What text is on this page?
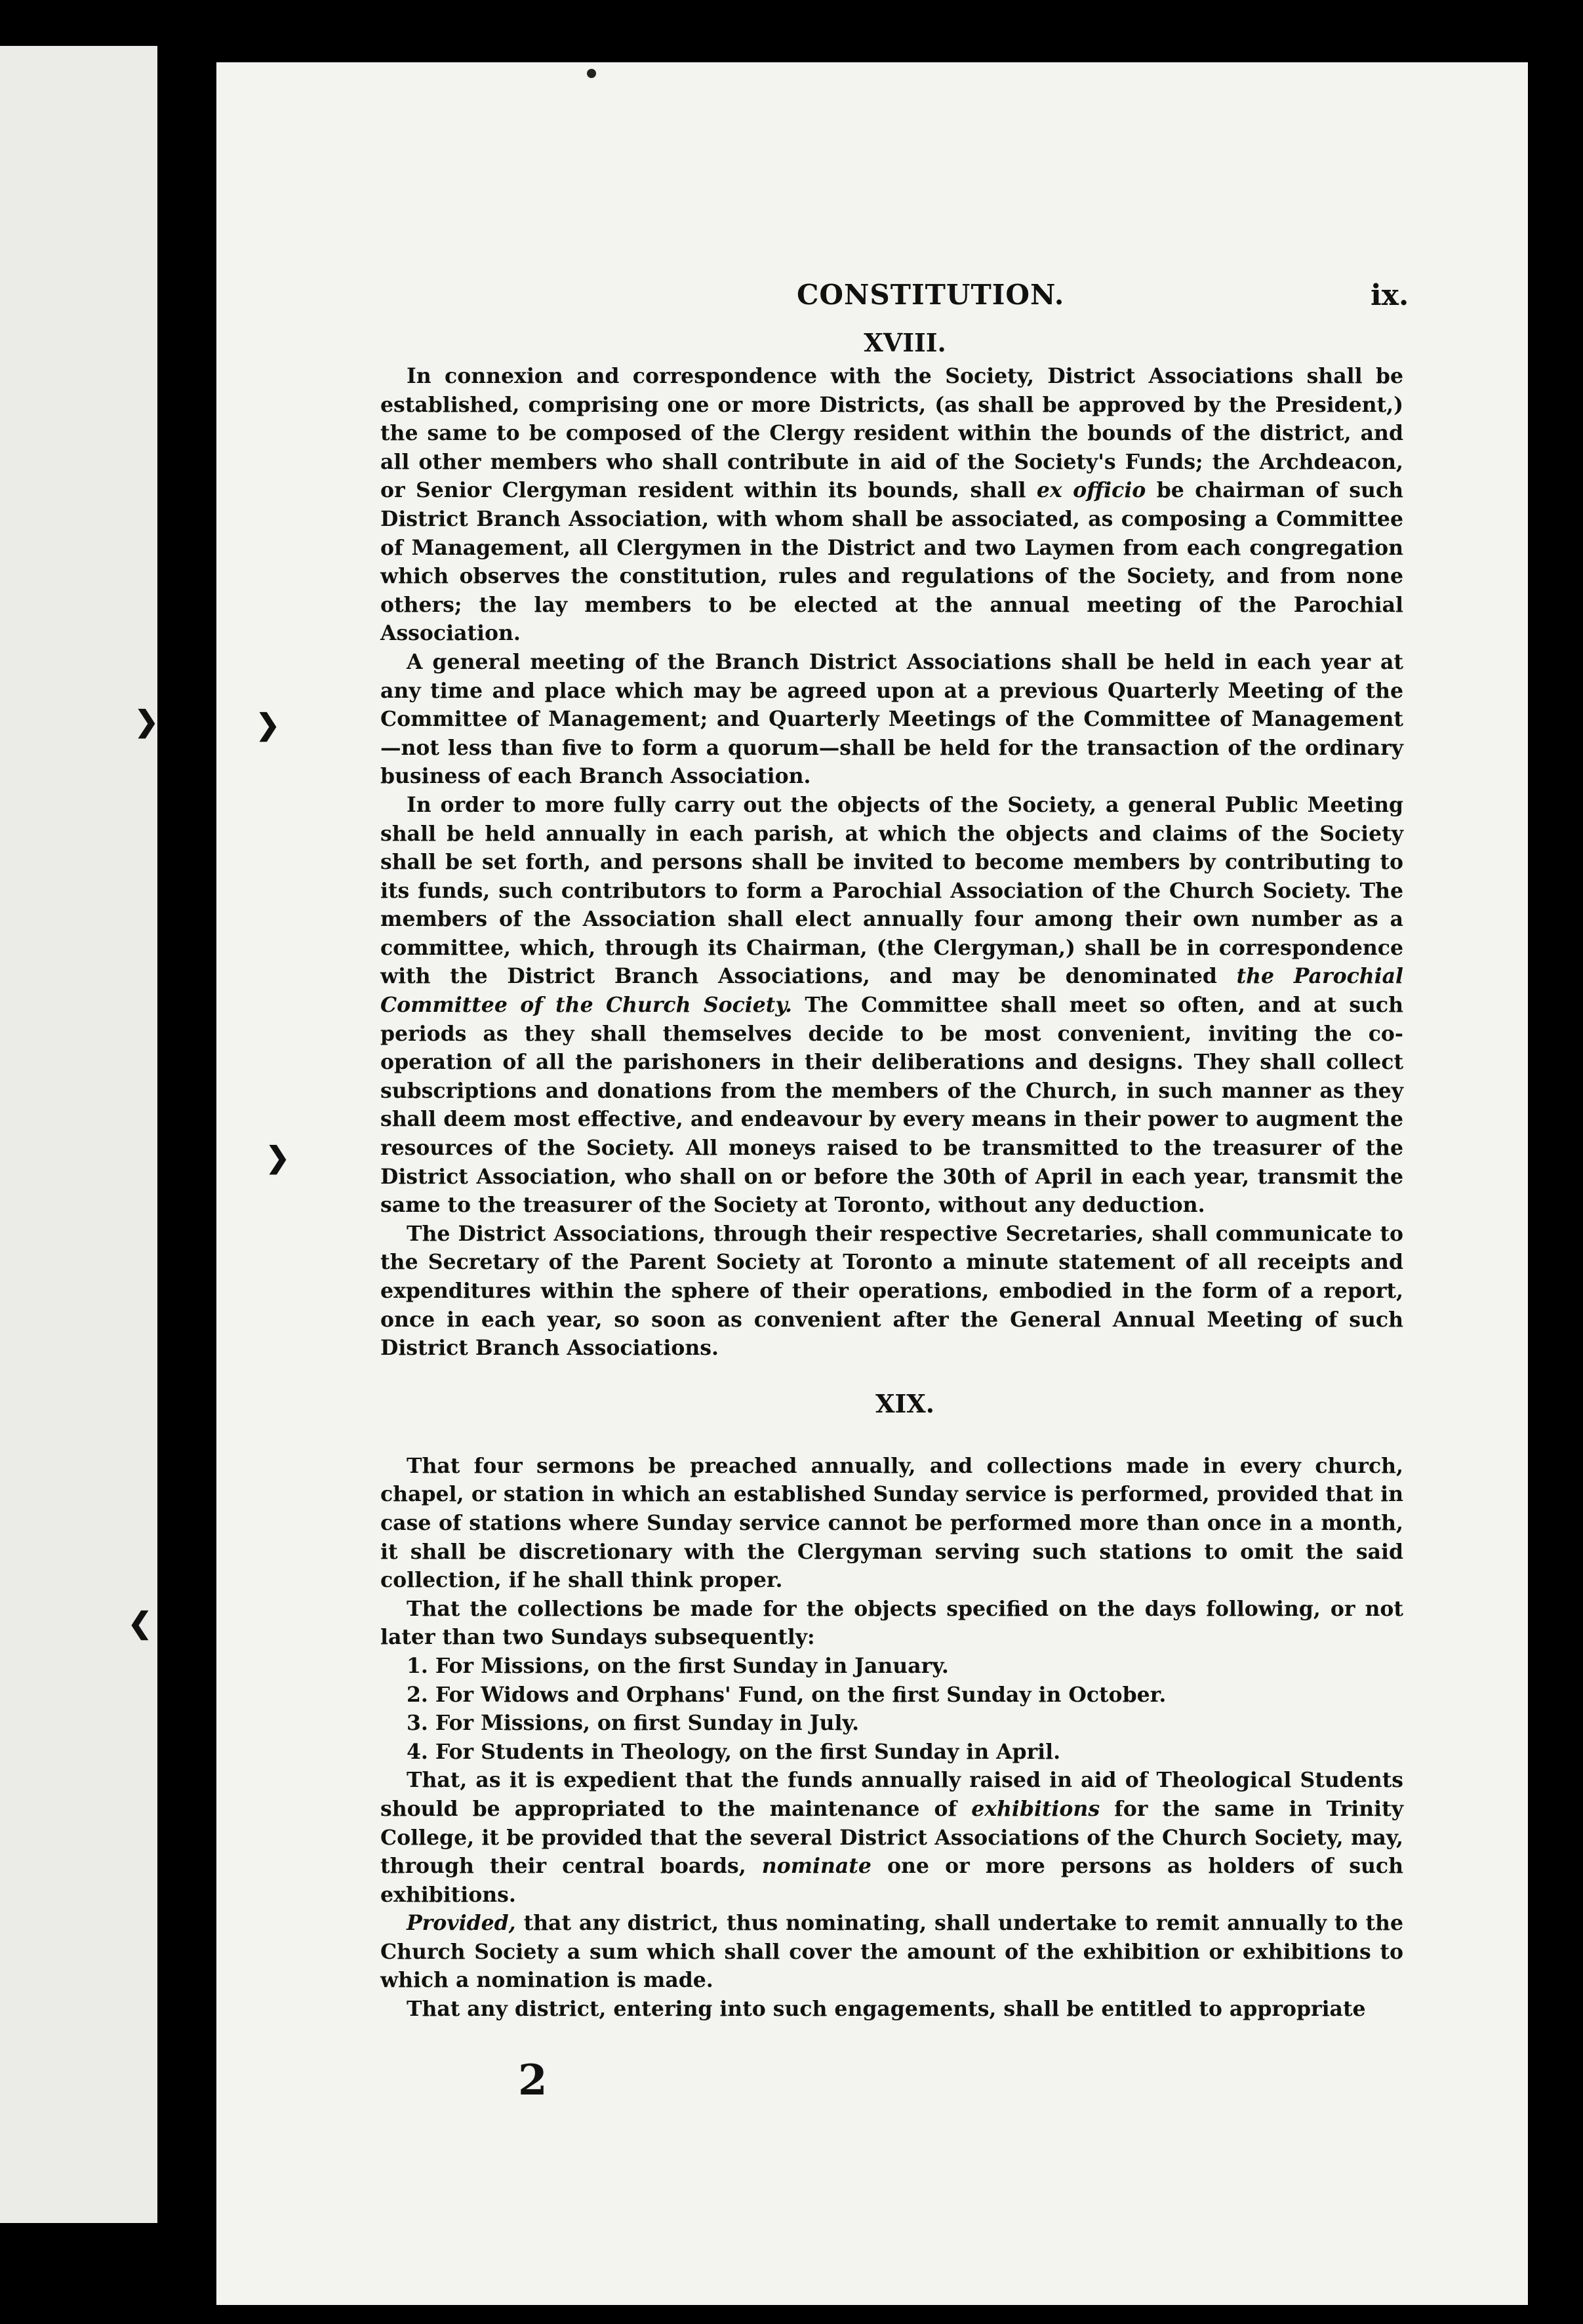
❯
❮
❯
❯
CONSTITUTION.	ix.

XVIII.

In connexion and correspondence with the Society, District Associations shall be established, comprising one or more Districts, (as shall be approved by the President,) the same to be composed of the Clergy resident within the bounds of the district, and all other members who shall contribute in aid of the Society's Funds; the Archdeacon, or Senior Clergyman resident within its bounds, shall ex officio be chairman of such District Branch Association, with whom shall be associated, as composing a Committee of Management, all Clergymen in the District and two Laymen from each congregation which observes the constitution, rules and regulations of the Society, and from none others; the lay members to be elected at the annual meeting of the Parochial Association.

A general meeting of the Branch District Associations shall be held in each year at any time and place which may be agreed upon at a previous Quarterly Meeting of the Committee of Management; and Quarterly Meetings of the Committee of Management—not less than five to form a quorum—shall be held for the transaction of the ordinary business of each Branch Association.

In order to more fully carry out the objects of the Society, a general Public Meeting shall be held annually in each parish, at which the objects and claims of the Society shall be set forth, and persons shall be invited to become members by contributing to its funds, such contributors to form a Parochial Association of the Church Society. The members of the Association shall elect annually four among their own number as a committee, which, through its Chairman, (the Clergyman,) shall be in correspondence with the District Branch Associations, and may be denominated the Parochial Committee of the Church Society. The Committee shall meet so often, and at such periods as they shall themselves decide to be most convenient, inviting the co-operation of all the parishoners in their deliberations and designs. They shall collect subscriptions and donations from the members of the Church, in such manner as they shall deem most effective, and endeavour by every means in their power to augment the resources of the Society. All moneys raised to be transmitted to the treasurer of the District Association, who shall on or before the 30th of April in each year, transmit the same to the treasurer of the Society at Toronto, without any deduction.

The District Associations, through their respective Secretaries, shall communicate to the Secretary of the Parent Society at Toronto a minute statement of all receipts and expenditures within the sphere of their operations, embodied in the form of a report, once in each year, so soon as convenient after the General Annual Meeting of such District Branch Associations.

XIX.

That four sermons be preached annually, and collections made in every church, chapel, or station in which an established Sunday service is performed, provided that in case of stations where Sunday service cannot be performed more than once in a month, it shall be discretionary with the Clergyman serving such stations to omit the said collection, if he shall think proper.

That the collections be made for the objects specified on the days following, or not later than two Sundays subsequently:

1. For Missions, on the first Sunday in January.

2. For Widows and Orphans' Fund, on the first Sunday in October.

3. For Missions, on first Sunday in July.

4. For Students in Theology, on the first Sunday in April.

That, as it is expedient that the funds annually raised in aid of Theological Students should be appropriated to the maintenance of exhibitions for the same in Trinity College, it be provided that the several District Associations of the Church Society, may, through their central boards, nominate one or more persons as holders of such exhibitions.

Provided, that any district, thus nominating, shall undertake to remit annually to the Church Society a sum which shall cover the amount of the exhibition or exhibitions to which a nomination is made.

That any district, entering into such engagements, shall be entitled to appropriate

2
